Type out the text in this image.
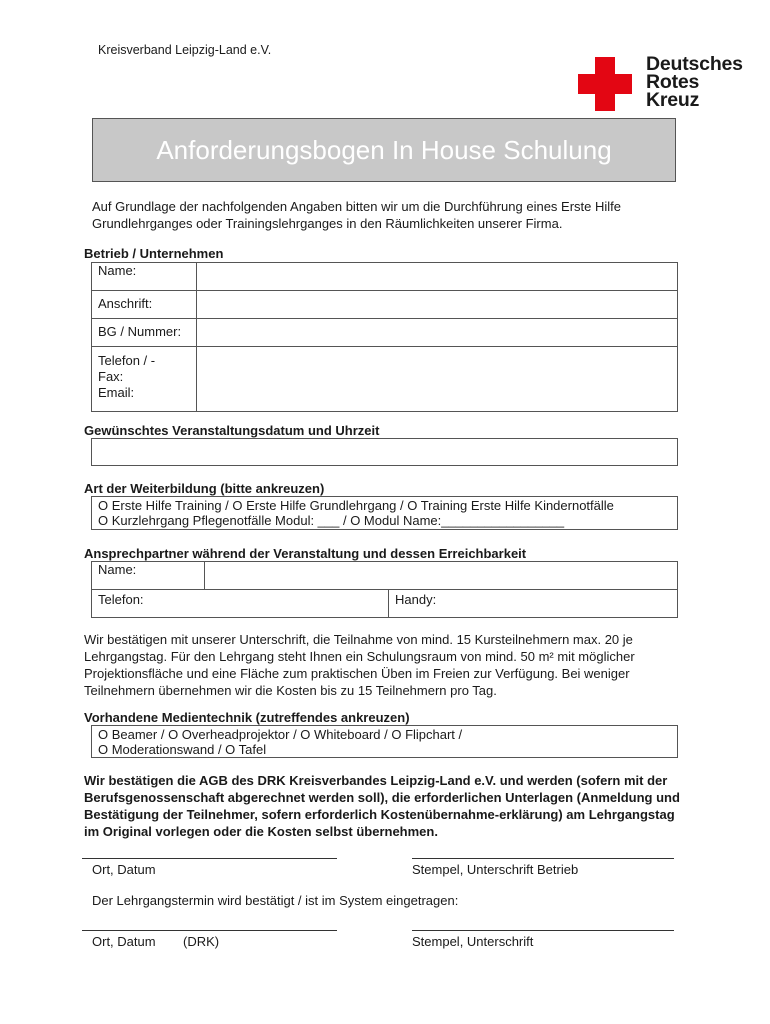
Kreisverband Leipzig-Land e.V.
Deutsches
Rotes
Kreuz
Anforderungsbogen In House Schulung
Auf Grundlage der nachfolgenden Angaben bitten wir um die Durchführung eines Erste Hilfe Grundlehrganges oder Trainingslehrganges in den Räumlichkeiten unserer Firma.
Betrieb / Unternehmen
Name:	
Anschrift:	
BG / Nummer:	

Telefon / -
Fax:
Email:	

Gewünschtes Veranstaltungsdatum und Uhrzeit
Art der Weiterbildung (bitte ankreuzen)
O Erste Hilfe Training / O Erste Hilfe Grundlehrgang / O Training Erste Hilfe Kindernotfälle
O Kurzlehrgang Pflegenotfälle Modul: ___ / O Modul Name:_________________
Ansprechpartner während der Veranstaltung und dessen Erreichbarkeit
Name:		
Telefon:		Handy:
Wir bestätigen mit unserer Unterschrift, die Teilnahme von mind. 15 Kursteilnehmern max. 20 je Lehrgangstag. Für den Lehrgang steht Ihnen ein Schulungsraum von mind. 50 m² mit möglicher Projektionsfläche und eine Fläche zum praktischen Üben im Freien zur Verfügung. Bei weniger Teilnehmern übernehmen wir die Kosten bis zu 15 Teilnehmern pro Tag.
Vorhandene Medientechnik (zutreffendes ankreuzen)
O Beamer / O Overheadprojektor / O Whiteboard / O Flipchart /
O Moderationswand / O Tafel
Wir bestätigen die AGB des DRK Kreisverbandes Leipzig-Land e.V. und werden (sofern mit der Berufsgenossenschaft abgerechnet werden soll), die erforderlichen Unterlagen (Anmeldung und Bestätigung der Teilnehmer, sofern erforderlich Kostenübernahme-erklärung) am Lehrgangstag im Original vorlegen oder die Kosten selbst übernehmen.
Ort, Datum	Stempel, Unterschrift Betrieb
Der Lehrgangstermin wird bestätigt / ist im System eingetragen:
Ort, Datum (DRK)	Stempel, Unterschrift
